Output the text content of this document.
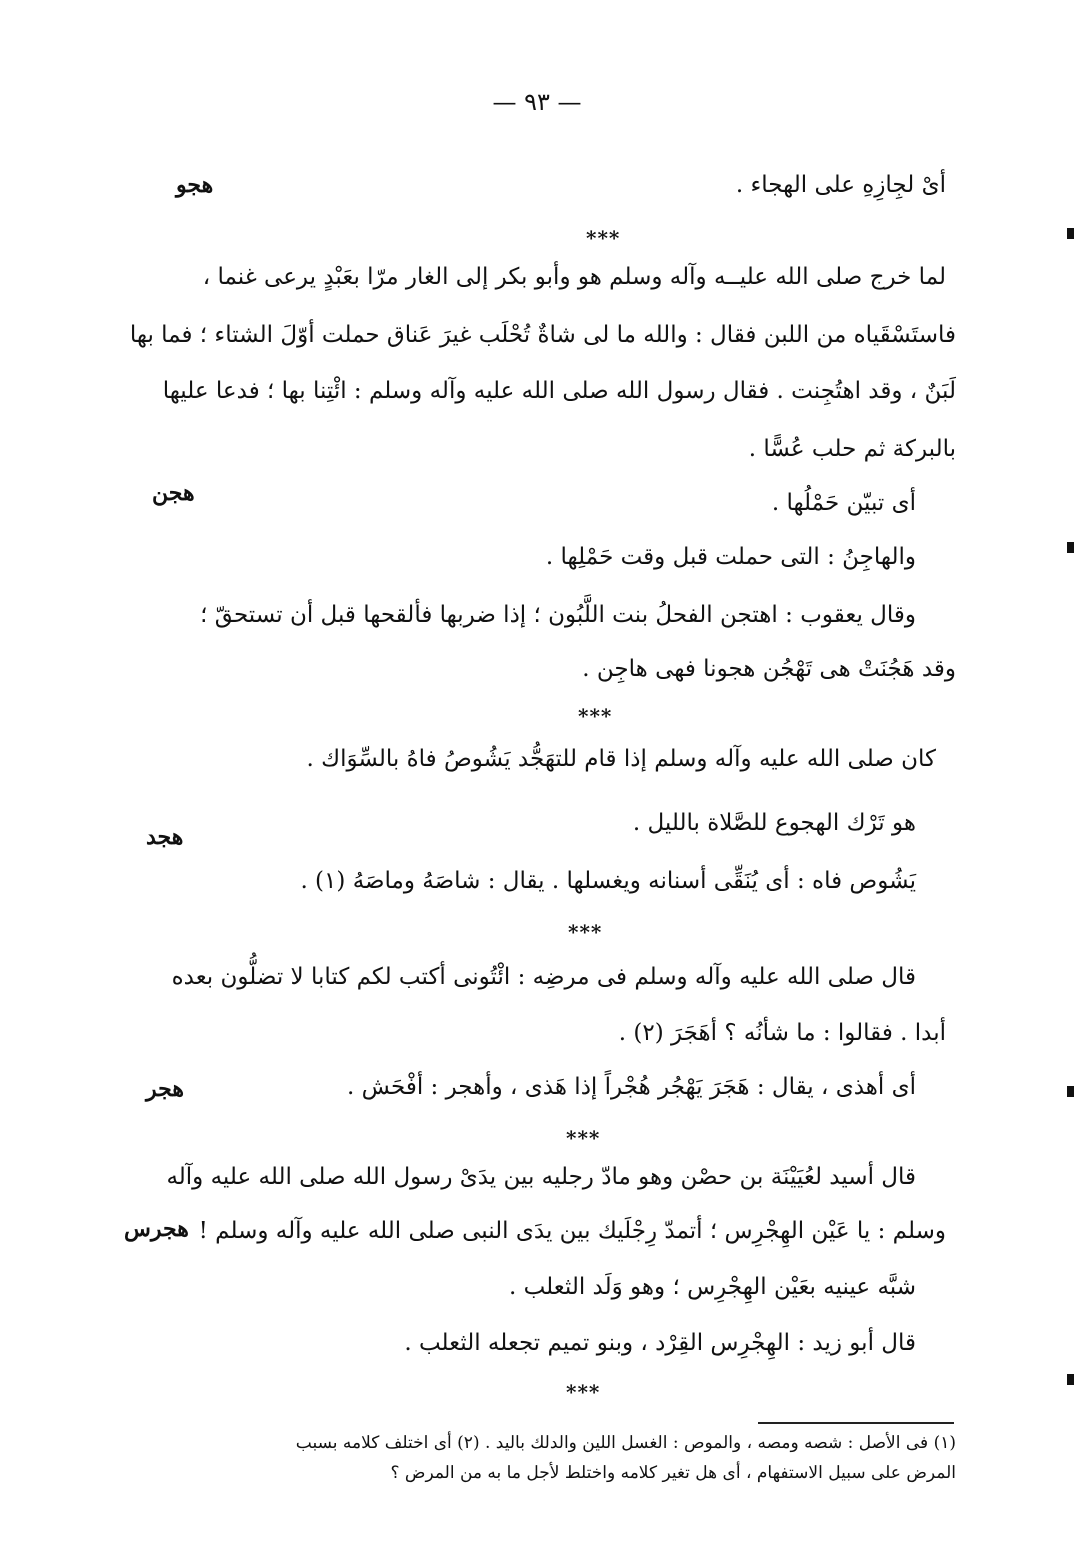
— ٩٣ —
هجو
هجن
هجد
هجر
هجرس
أىْ لجِازِهِ على الهجاء .
***
لما خرج صلى الله عليــه وآله وسلم هو وأبو بكر إلى الغار مرّا بعَبْدٍ يرعى غنما ،
فاستَسْقَياه من اللبن فقال : والله ما لى شاةٌ تُحْلَب غيرَ عَناق حملت أوّلَ الشتاء ؛ فما بها
لَبَنٌ ، وقد اهتُجِنت . فقال رسول الله صلى الله عليه وآله وسلم : ائْتِنا بها ؛ فدعا عليها
بالبركة ثم حلب عُسًّا .
أى تبيّن حَمْلُها .
والهاجِنُ : التى حملت قبل وقت حَمْلِها .
وقال يعقوب : اهتجن الفحلُ بنت اللَّبُون ؛ إذا ضربها فألقحها قبل أن تستحقّ ؛
وقد هَجُنَتْ هى تَهْجُن هجونا فهى هاجِن .
***
كان صلى الله عليه وآله وسلم إذا قام للتهَجُّد يَشُوصُ فاهُ بالسِّوَاك .
هو تَرْك الهجوع للصَّلاة بالليل .
يَشُوص فاه : أى يُنَقِّى أسنانه ويغسلها . يقال : شاصَهُ وماصَهُ (١) .
***
قال صلى الله عليه وآله وسلم فى مرضِه : ائْتُونى أكتب لكم كتابا لا تضلُّون بعده
أبدا . فقالوا : ما شأنُه ؟ أهَجَرَ (٢) .
أى أهذى ، يقال : هَجَرَ يَهْجُر هُجْراً إذا هَذى ، وأهجر : أفْحَش .
***
قال أسيد لعُيَيْنَة بن حصْن وهو مادّ رجليه بين يدَىْ رسول الله صلى الله عليه وآله
وسلم : يا عَيْن الهِجْرِس ؛ أتمدّ رِجْلَيك بين يدَى النبى صلى الله عليه وآله وسلم !
شبَّه عينيه بعَيْن الهِجْرِس ؛ وهو وَلَد الثعلب .
قال أبو زيد : الهِجْرِس القِرْد ، وبنو تميم تجعله الثعلب .
***
(١) فى الأصل : شصه ومصه ، والموص : الغسل اللين والدلك باليد . (٢) أى اختلف كلامه بسبب
المرض على سبيل الاستفهام ، أى هل تغير كلامه واختلط لأجل ما به من المرض ؟
